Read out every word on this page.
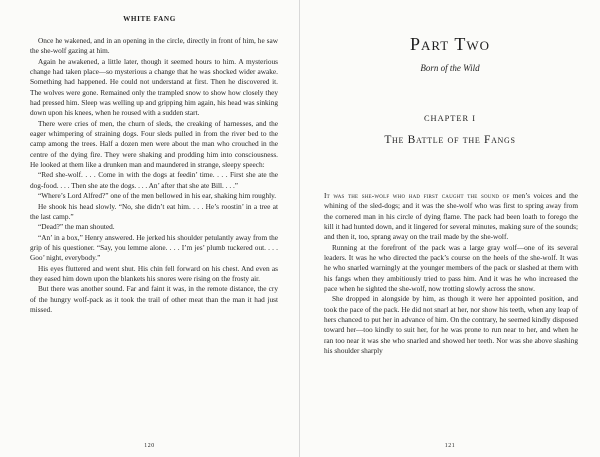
WHITE FANG

Once he wakened, and in an opening in the circle, directly in front of him, he saw the she-wolf gazing at him.

Again he awakened, a little later, though it seemed hours to him. A mysterious change had taken place—so mysterious a change that he was shocked wider awake. Something had happened. He could not understand at first. Then he discovered it. The wolves were gone. Remained only the trampled snow to show how closely they had pressed him. Sleep was welling up and gripping him again, his head was sinking down upon his knees, when he roused with a sudden start.

There were cries of men, the churn of sleds, the creaking of harnesses, and the eager whimpering of straining dogs. Four sleds pulled in from the river bed to the camp among the trees. Half a dozen men were about the man who crouched in the centre of the dying fire. They were shaking and prodding him into consciousness. He looked at them like a drunken man and maundered in strange, sleepy speech:

“Red she-wolf. . . . Come in with the dogs at feedin’ time. . . . First she ate the dog-food. . . . Then she ate the dogs. . . . An’ after that she ate Bill. . . .”

“Where’s Lord Alfred?” one of the men bellowed in his ear, shaking him roughly.

He shook his head slowly. “No, she didn’t eat him. . . . He’s roostin’ in a tree at the last camp.”

“Dead?” the man shouted.

“An’ in a box,” Henry answered. He jerked his shoulder petulantly away from the grip of his questioner. “Say, you lemme alone. . . . I’m jes’ plumb tuckered out. . . . Goo’ night, everybody.”

His eyes fluttered and went shut. His chin fell forward on his chest. And even as they eased him down upon the blankets his snores were rising on the frosty air.

But there was another sound. Far and faint it was, in the remote distance, the cry of the hungry wolf-pack as it took the trail of other meat than the man it had just missed.

120
Part Two
Born of the Wild
CHAPTER I
The Battle of the Fangs

It was the she-wolf who had first caught the sound of men’s voices and the whining of the sled-dogs; and it was the she-wolf who was first to spring away from the cornered man in his circle of dying flame. The pack had been loath to forego the kill it had hunted down, and it lingered for several minutes, making sure of the sounds; and then it, too, sprang away on the trail made by the she-wolf.

Running at the forefront of the pack was a large gray wolf—one of its several leaders. It was he who directed the pack’s course on the heels of the she-wolf. It was he who snarled warningly at the younger members of the pack or slashed at them with his fangs when they ambitiously tried to pass him. And it was he who increased the pace when he sighted the she-wolf, now trotting slowly across the snow.

She dropped in alongside by him, as though it were her appointed position, and took the pace of the pack. He did not snarl at her, nor show his teeth, when any leap of hers chanced to put her in advance of him. On the contrary, he seemed kindly disposed toward her—too kindly to suit her, for he was prone to run near to her, and when he ran too near it was she who snarled and showed her teeth. Nor was she above slashing his shoulder sharply

121
